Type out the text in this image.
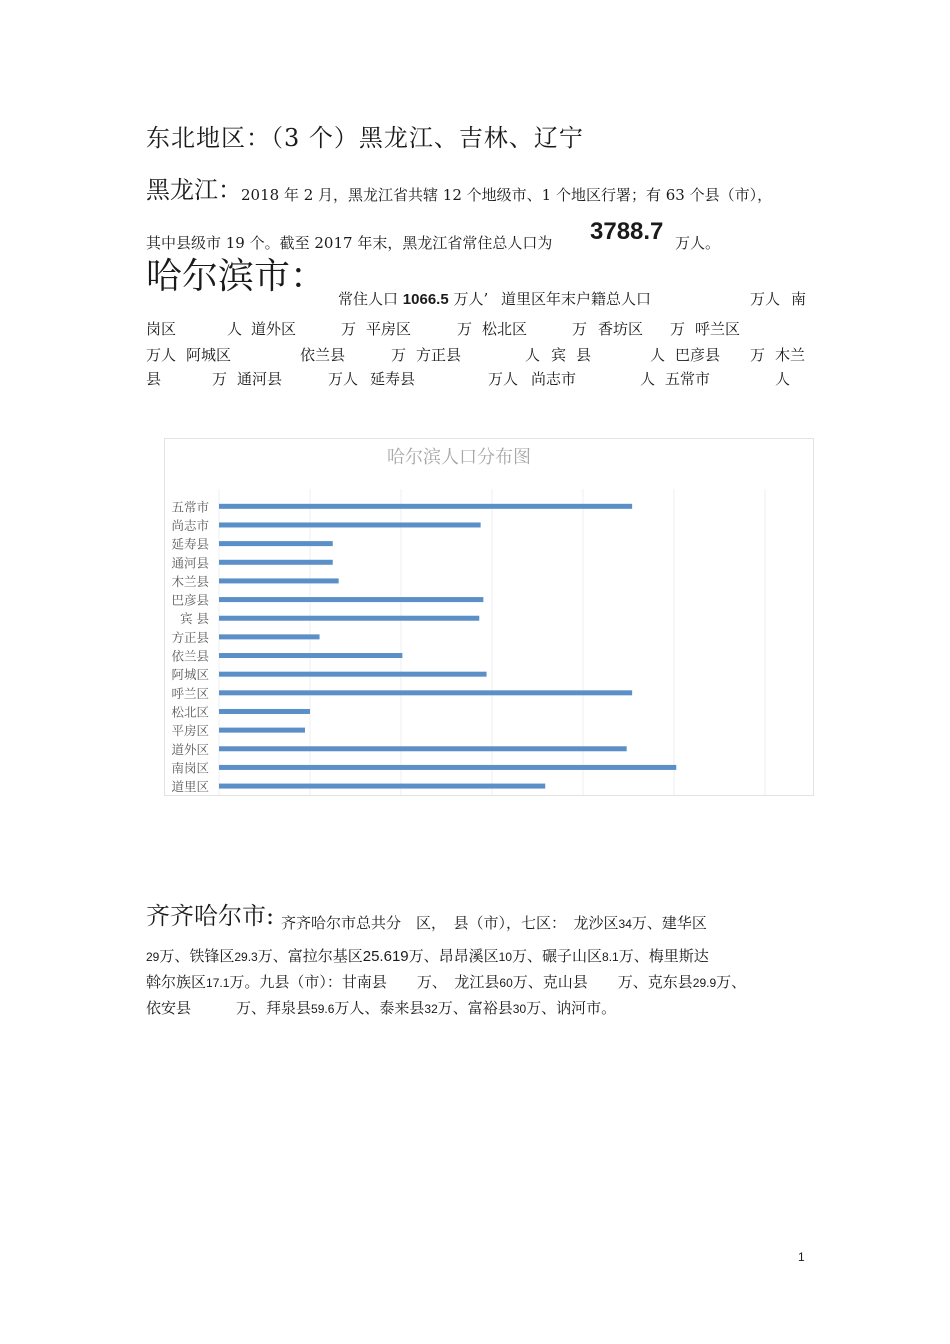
东北地区：（3 个）黑龙江、吉林、辽宁
黑龙江： 2018 年 2 月，黑龙江省共辖 12 个地级市、1 个地区行署；有 63 个县（市），
其中县级市 19 个。截至 2017 年末，黑龙江省常住总人口为 3788.7 万人。
哈尔滨市：
常住人口 1066.5 万人’ 道里区年末户籍总人口	万人 南
岗区	人 道外区	万 平房区	万 松北区	万 香坊区 万 呼兰区
万人 阿城区	依兰县	万 方正县	人 宾 县	人 巴彦县 万 木兰
县	万 通河县	万人 延寿县	万人 尚志市	人 五常市	人
哈尔滨人口分布图
五常市
尚志市
延寿县
通河县
木兰县
巴彦县
宾 县
方正县
依兰县
阿城区
呼兰区
松北区
平房区
道外区
南岗区
道里区
齐齐哈尔市: 齐齐哈尔市总共分　区，　县（市），七区：　龙沙区34万、建华区
29万、铁锋区29.3万、富拉尔基区25.619万、昂昂溪区10万、碾子山区8.1万、梅里斯达
斡尔族区17.1万。九县（市）：甘南县　　万、　龙江县60万、克山县　　万、克东县29.9万、
依安县　　　万、拜泉县59.6万人、泰来县32万、富裕县30万、讷河市。
1
